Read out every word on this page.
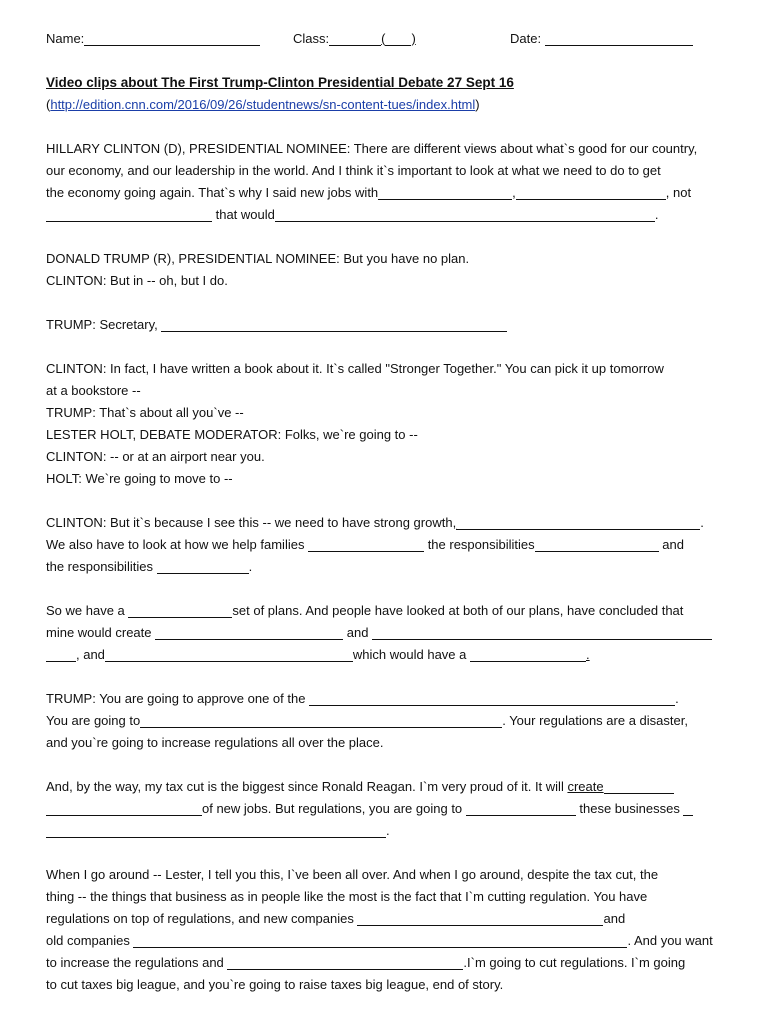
Name:	Class:	( )	Date:
Video clips about The First Trump-Clinton Presidential Debate 27 Sept 16
(http://edition.cnn.com/2016/09/26/studentnews/sn-content-tues/index.html)
HILLARY CLINTON (D), PRESIDENTIAL NOMINEE: There are different views about what`s good for our country,
our economy, and our leadership in the world. And I think it`s important to look at what we need to do to get
the economy going again. That`s why I said new jobs with	,	, not
that would	.
DONALD TRUMP (R), PRESIDENTIAL NOMINEE: But you have no plan.
CLINTON: But in -- oh, but I do.
TRUMP: Secretary,
CLINTON: In fact, I have written a book about it. It`s called "Stronger Together." You can pick it up tomorrow
at a bookstore --
TRUMP: That`s about all you`ve --
LESTER HOLT, DEBATE MODERATOR: Folks, we`re going to --
CLINTON: -- or at an airport near you.
HOLT: We`re going to move to --
CLINTON: But it`s because I see this -- we need to have strong growth,	.
We also have to look at how we help families	the responsibilities	and
the responsibilities	.
So we have a	set of plans. And people have looked at both of our plans, have concluded that
mine would create	and
, and	which would have a	.
TRUMP: You are going to approve one of the	.
You are going to	. Your regulations are a disaster,
and you`re going to increase regulations all over the place.
And, by the way, my tax cut is the biggest since Ronald Reagan. I`m very proud of it. It will create
of new jobs. But regulations, you are going to	these businesses
.
When I go around -- Lester, I tell you this, I`ve been all over. And when I go around, despite the tax cut, the
thing -- the things that business as in people like the most is the fact that I`m cutting regulation. You have
regulations on top of regulations, and new companies	and
old companies	. And you want
to increase the regulations and	.I`m going to cut regulations. I`m going
to cut taxes big league, and you`re going to raise taxes big league, end of story.
